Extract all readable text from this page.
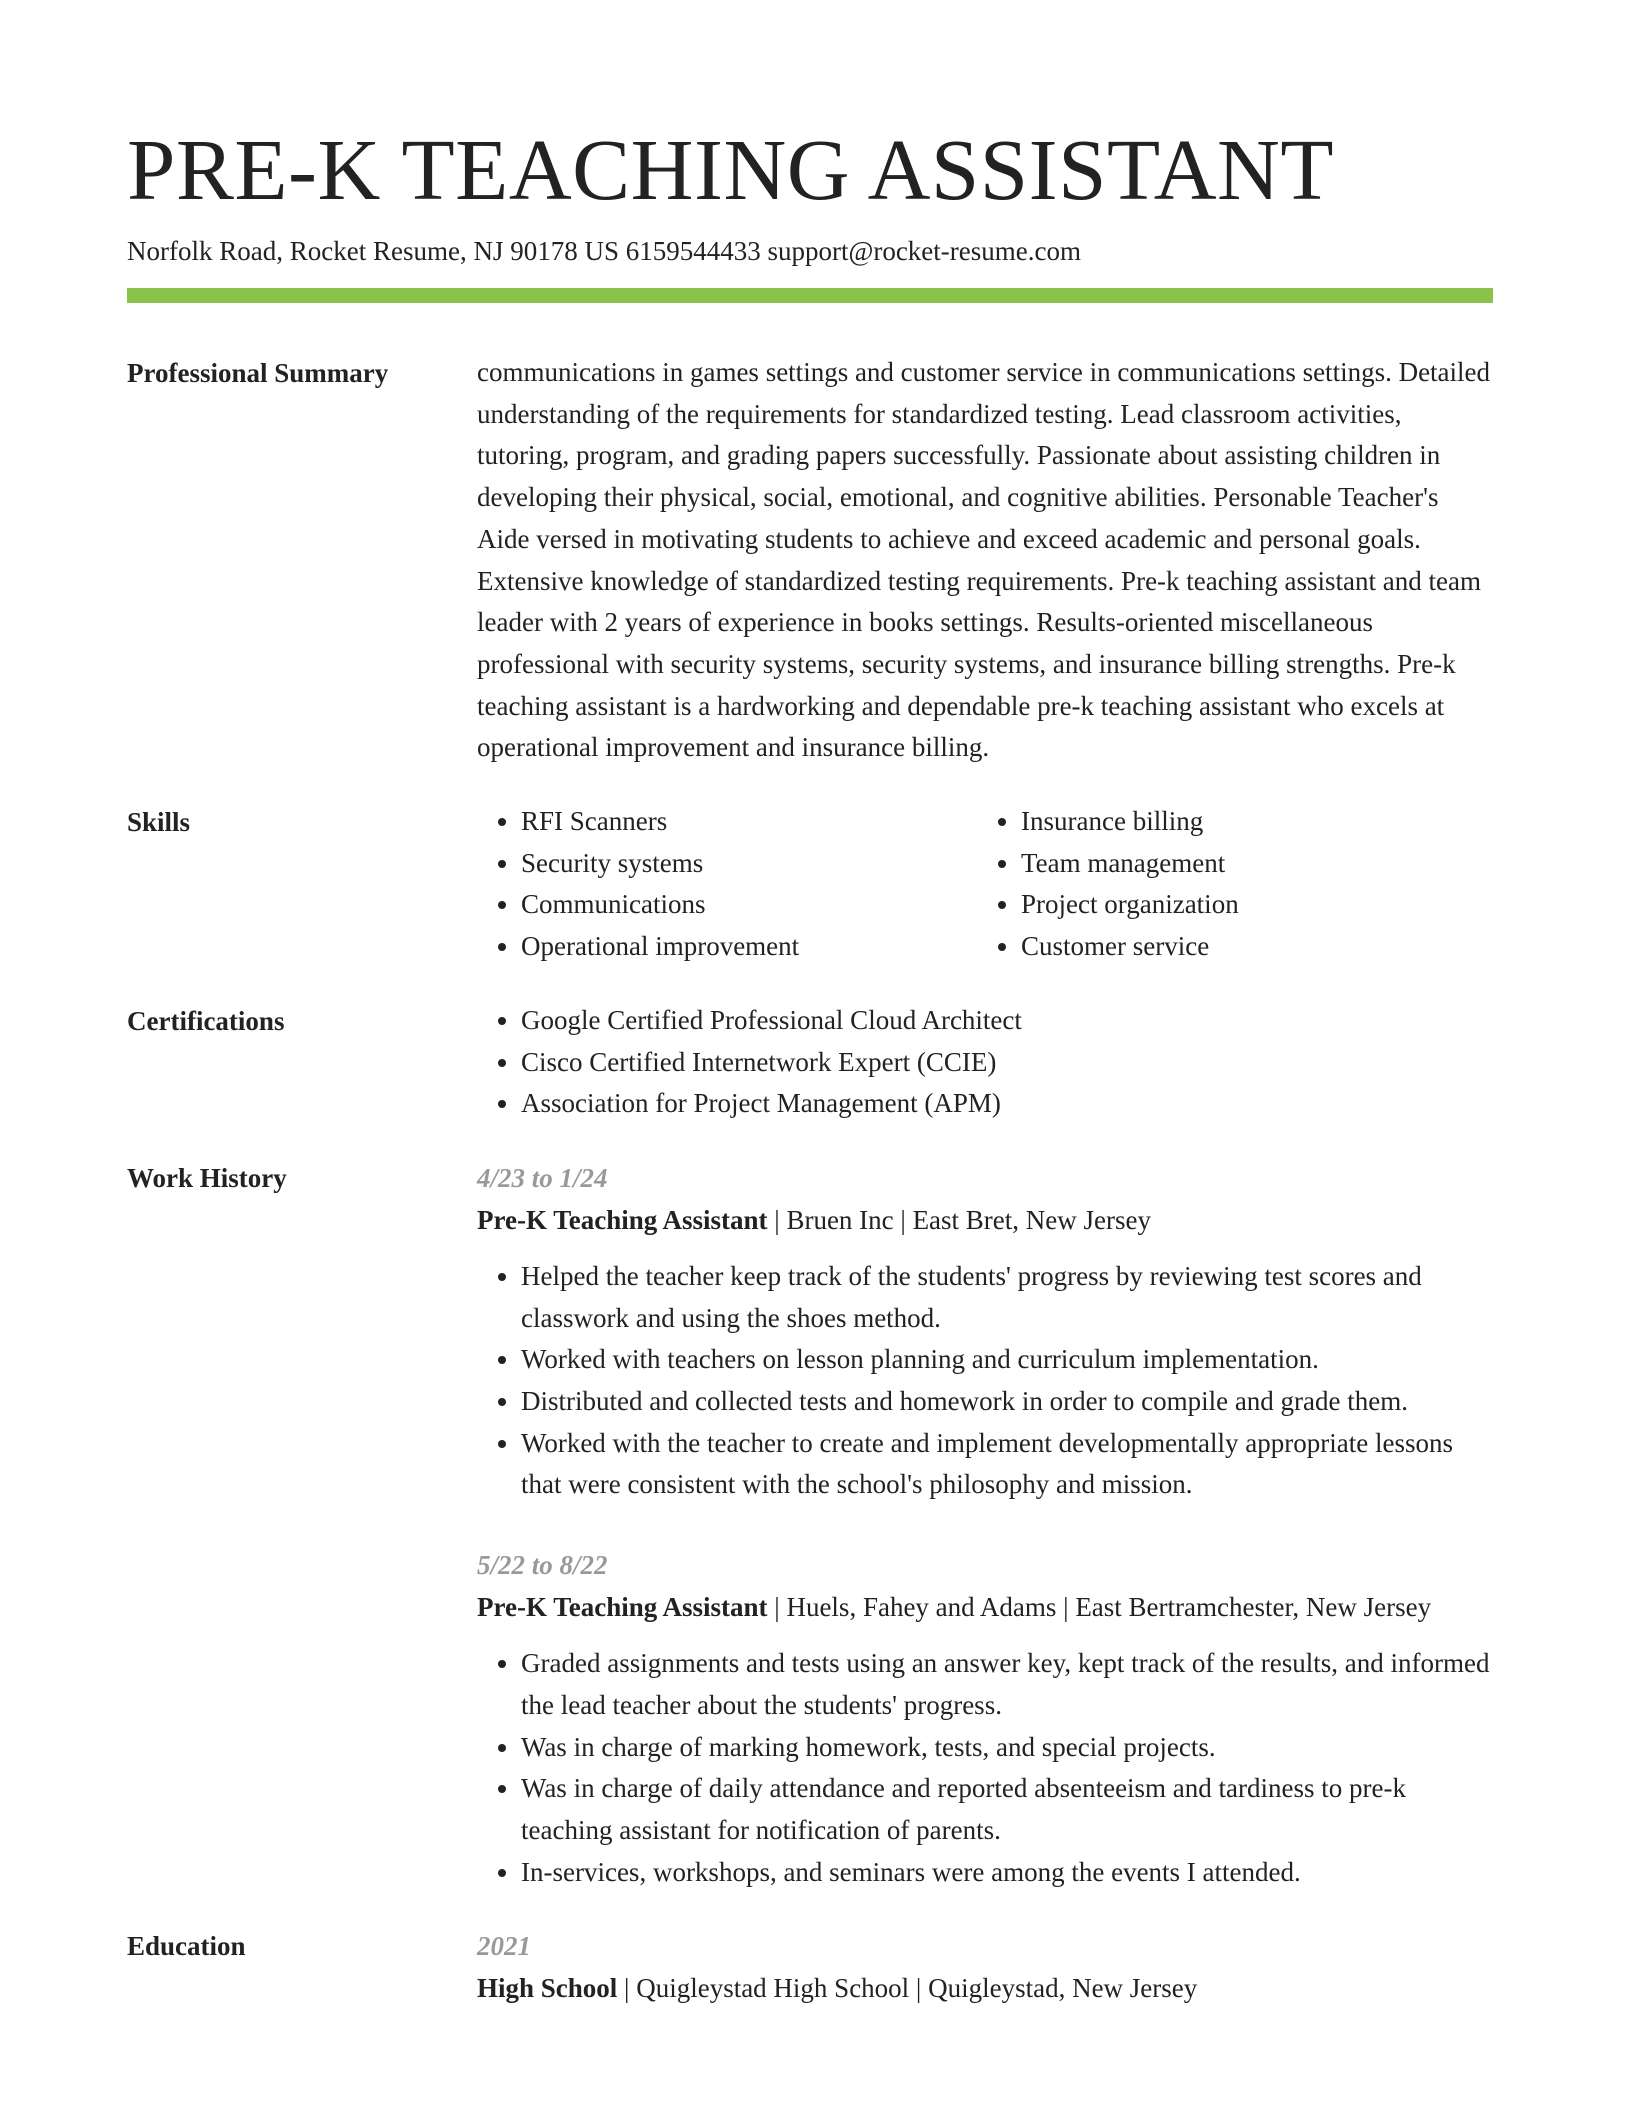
PRE-K TEACHING ASSISTANT
Norfolk Road, Rocket Resume, NJ 90178 US 6159544433 support@rocket-resume.com
Professional Summary	communications in games settings and customer service in communications settings. Detailed understanding of the requirements for standardized testing. Lead classroom activities, tutoring, program, and grading papers successfully. Passionate about assisting children in developing their physical, social, emotional, and cognitive abilities. Personable Teacher's Aide versed in motivating students to achieve and exceed academic and personal goals. Extensive knowledge of standardized testing requirements. Pre-k teaching assistant and team leader with 2 years of experience in books settings. Results-oriented miscellaneous professional with security systems, security systems, and insurance billing strengths. Pre-k teaching assistant is a hardworking and dependable pre-k teaching assistant who excels at operational improvement and insurance billing.

Skills	• RFI Scanners
• Security systems
• Communications
• Operational improvement
• Insurance billing
• Team management
• Project organization
• Customer service
Certifications	• Google Certified Professional Cloud Architect
• Cisco Certified Internetwork Expert (CCIE)
• Association for Project Management (APM)
Work History	4/23 to 1/24
Pre-K Teaching Assistant | Bruen Inc | East Bret, New Jersey
• Helped the teacher keep track of the students' progress by reviewing test scores and classwork and using the shoes method.
• Worked with teachers on lesson planning and curriculum implementation.
• Distributed and collected tests and homework in order to compile and grade them.
• Worked with the teacher to create and implement developmentally appropriate lessons that were consistent with the school's philosophy and mission.
5/22 to 8/22
Pre-K Teaching Assistant | Huels, Fahey and Adams | East Bertramchester, New Jersey
• Graded assignments and tests using an answer key, kept track of the results, and informed the lead teacher about the students' progress.
• Was in charge of marking homework, tests, and special projects.
• Was in charge of daily attendance and reported absenteeism and tardiness to pre-k teaching assistant for notification of parents.
• In-services, workshops, and seminars were among the events I attended.
Education	2021
High School | Quigleystad High School | Quigleystad, New Jersey
